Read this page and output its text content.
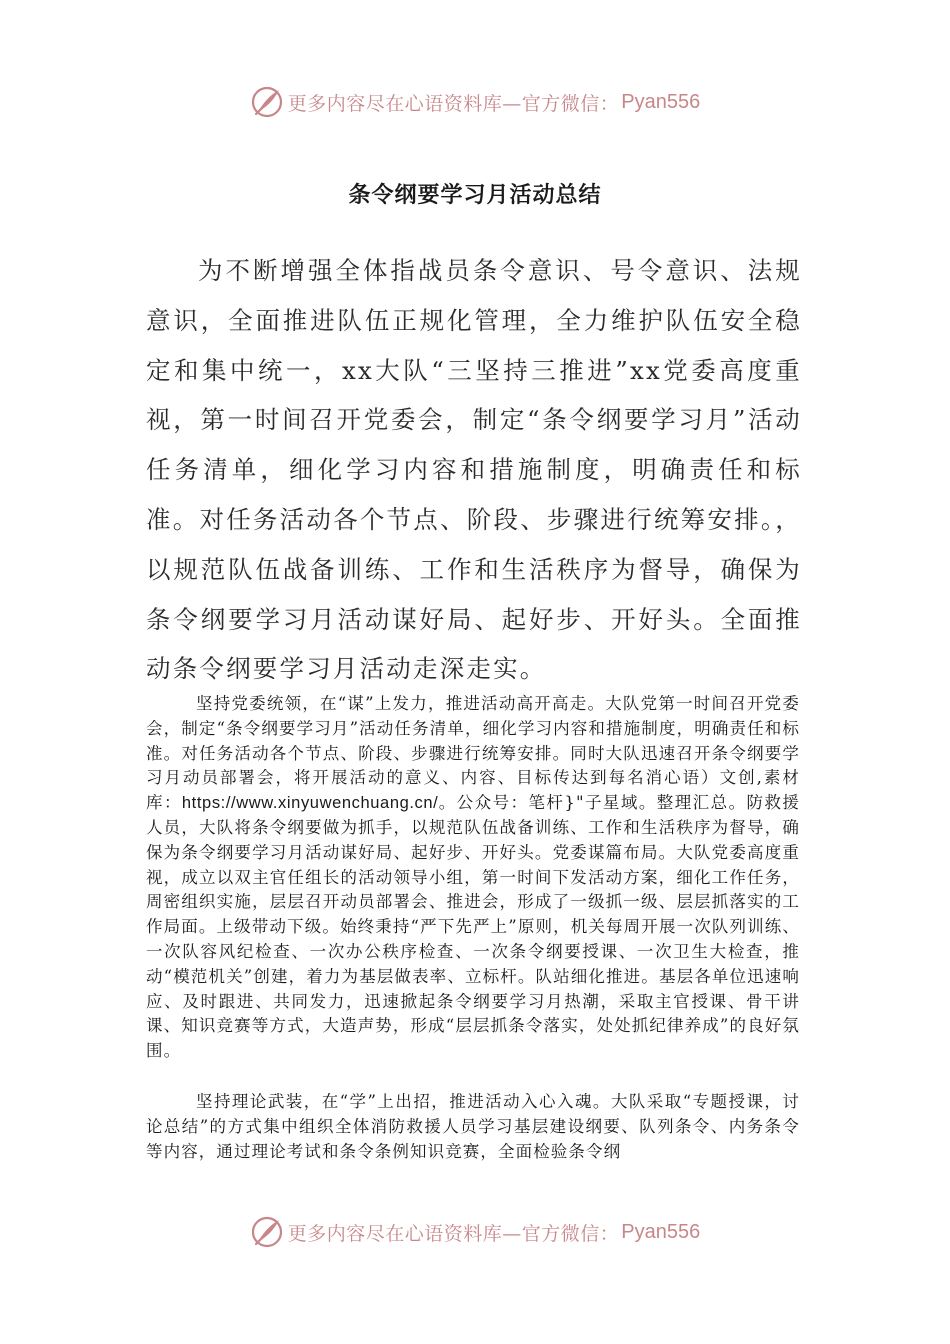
更多内容尽在心语资料库—官方微信： Pyan556
条令纲要学习月活动总结

为不断增强全体指战员条令意识、号令意识、法规意识，全面推进队伍正规化管理，全力维护队伍安全稳定和集中统一，xx大队“三坚持三推进”xx党委高度重视，第一时间召开党委会，制定“条令纲要学习月”活动任务清单，细化学习内容和措施制度，明确责任和标准。对任务活动各个节点、阶段、步骤进行统筹安排。，以规范队伍战备训练、工作和生活秩序为督导，确保为条令纲要学习月活动谋好局、起好步、开好头。全面推动条令纲要学习月活动走深走实。

坚持党委统领，在“谋”上发力，推进活动高开高走。大队党第一时间召开党委会，制定“条令纲要学习月”活动任务清单，细化学习内容和措施制度，明确责任和标准。对任务活动各个节点、阶段、步骤进行统筹安排。同时大队迅速召开条令纲要学习月动员部署会，将开展活动的意义、内容、目标传达到每名消心语）文创,素材库：https://www.xinyuwenchuang.cn/。公众号：笔杆}"子星域。整理汇总。防救援人员，大队将条令纲要做为抓手，以规范队伍战备训练、工作和生活秩序为督导，确保为条令纲要学习月活动谋好局、起好步、开好头。党委谋篇布局。大队党委高度重视，成立以双主官任组长的活动领导小组，第一时间下发活动方案，细化工作任务，周密组织实施，层层召开动员部署会、推进会，形成了一级抓一级、层层抓落实的工作局面。上级带动下级。始终秉持“严下先严上”原则，机关每周开展一次队列训练、一次队容风纪检查、一次办公秩序检查、一次条令纲要授课、一次卫生大检查，推动“模范机关”创建，着力为基层做表率、立标杆。队站细化推进。基层各单位迅速响应、及时跟进、共同发力，迅速掀起条令纲要学习月热潮，采取主官授课、骨干讲课、知识竞赛等方式，大造声势，形成“层层抓条令落实，处处抓纪律养成”的良好氛围。

坚持理论武装，在“学”上出招，推进活动入心入魂。大队采取“专题授课，讨论总结”的方式集中组织全体消防救援人员学习基层建设纲要、队列条令、内务条令等内容，通过理论考试和条令条例知识竞赛，全面检验条令纲

更多内容尽在心语资料库—官方微信： Pyan556
